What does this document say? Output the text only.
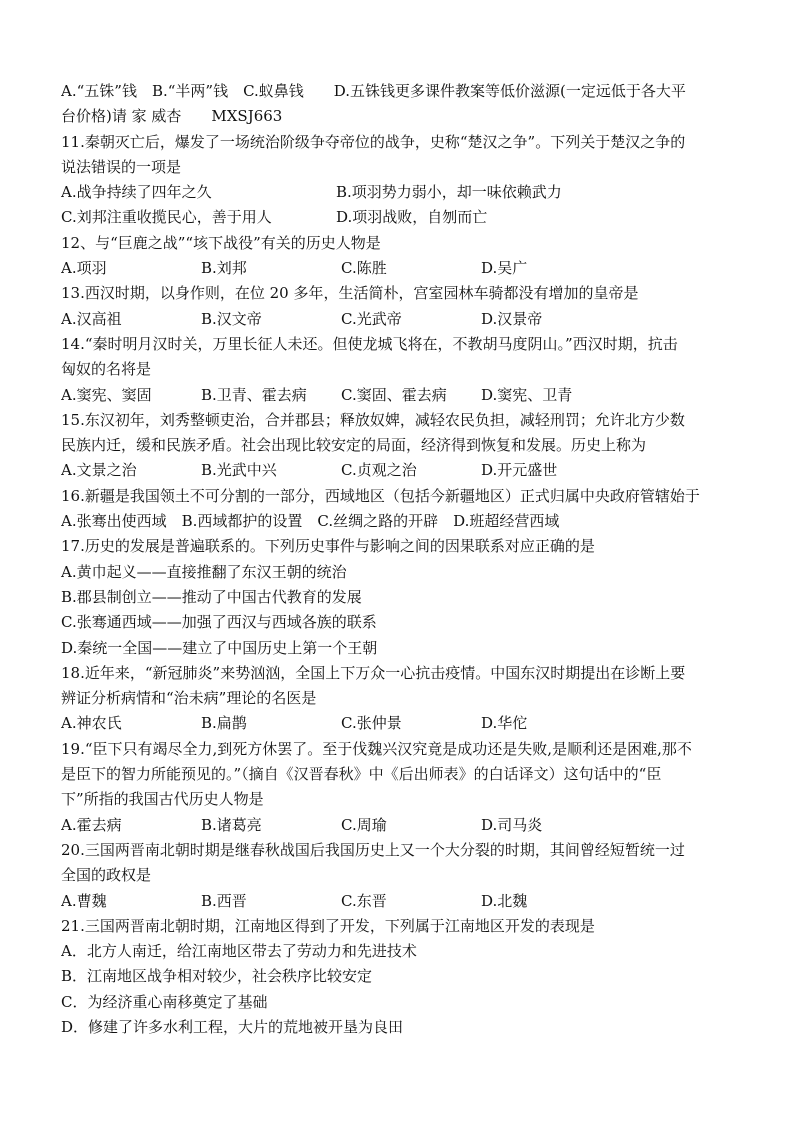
A.“五铢”钱　B.“半两”钱　C.蚁鼻钱　　D.五铢钱更多课件教案等低价滋源(一定远低于各大平
台价格)请 家 威杏　　MXSJ663
11.秦朝灭亡后，爆发了一场统治阶级争夺帝位的战争，史称“楚汉之争”。下列关于楚汉之争的
说法错误的一项是
A.战争持续了四年之久	B.项羽势力弱小，却一味依赖武力
C.刘邦注重收揽民心，善于用人	D.项羽战败，自刎而亡
12、与“巨鹿之战”“垓下战役”有关的历史人物是
A.项羽	B.刘邦	C.陈胜	D.吴广
13.西汉时期，以身作则，在位 20 多年，生活简朴，宫室园林车骑都没有增加的皇帝是
A.汉高祖	B.汉文帝	C.光武帝	D.汉景帝
14.“秦时明月汉时关，万里长征人未还。但使龙城飞将在，不教胡马度阴山。”西汉时期，抗击
匈奴的名将是
A.窦宪、窦固	B.卫青、霍去病	C.窦固、霍去病	D.窦宪、卫青
15.东汉初年，刘秀整顿吏治，合并郡县；释放奴婢，减轻农民负担，减轻刑罚；允许北方少数
民族内迁，缓和民族矛盾。社会出现比较安定的局面，经济得到恢复和发展。历史上称为
A.文景之治	B.光武中兴	C.贞观之治	D.开元盛世
16.新疆是我国领土不可分割的一部分，西域地区（包括今新疆地区）正式归属中央政府管辖始于
A.张骞出使西域　B.西域都护的设置　C.丝绸之路的开辟　D.班超经营西域
17.历史的发展是普遍联系的。下列历史事件与影响之间的因果联系对应正确的是
A.黄巾起义——直接推翻了东汉王朝的统治
B.郡县制创立——推动了中国古代教育的发展
C.张骞通西域——加强了西汉与西域各族的联系
D.秦统一全国——建立了中国历史上第一个王朝
18.近年来，“新冠肺炎”来势汹汹，全国上下万众一心抗击疫情。中国东汉时期提出在诊断上要
辨证分析病情和“治未病”理论的名医是
A.神农氏	B.扁鹊	C.张仲景	D.华佗
19.“臣下只有竭尽全力,到死方休罢了。至于伐魏兴汉究竟是成功还是失败,是顺利还是困难,那不
是臣下的智力所能预见的。”（摘自《汉晋春秋》中《后出师表》的白话译文）这句话中的“臣
下”所指的我国古代历史人物是
A.霍去病	B.诸葛亮	C.周瑜	D.司马炎
20.三国两晋南北朝时期是继春秋战国后我国历史上又一个大分裂的时期，其间曾经短暂统一过
全国的政权是
A.曹魏	B.西晋	C.东晋	D.北魏
21.三国两晋南北朝时期，江南地区得到了开发，下列属于江南地区开发的表现是
A．北方人南迁，给江南地区带去了劳动力和先进技术
B．江南地区战争相对较少，社会秩序比较安定
C．为经济重心南移奠定了基础
D．修建了许多水利工程，大片的荒地被开垦为良田
